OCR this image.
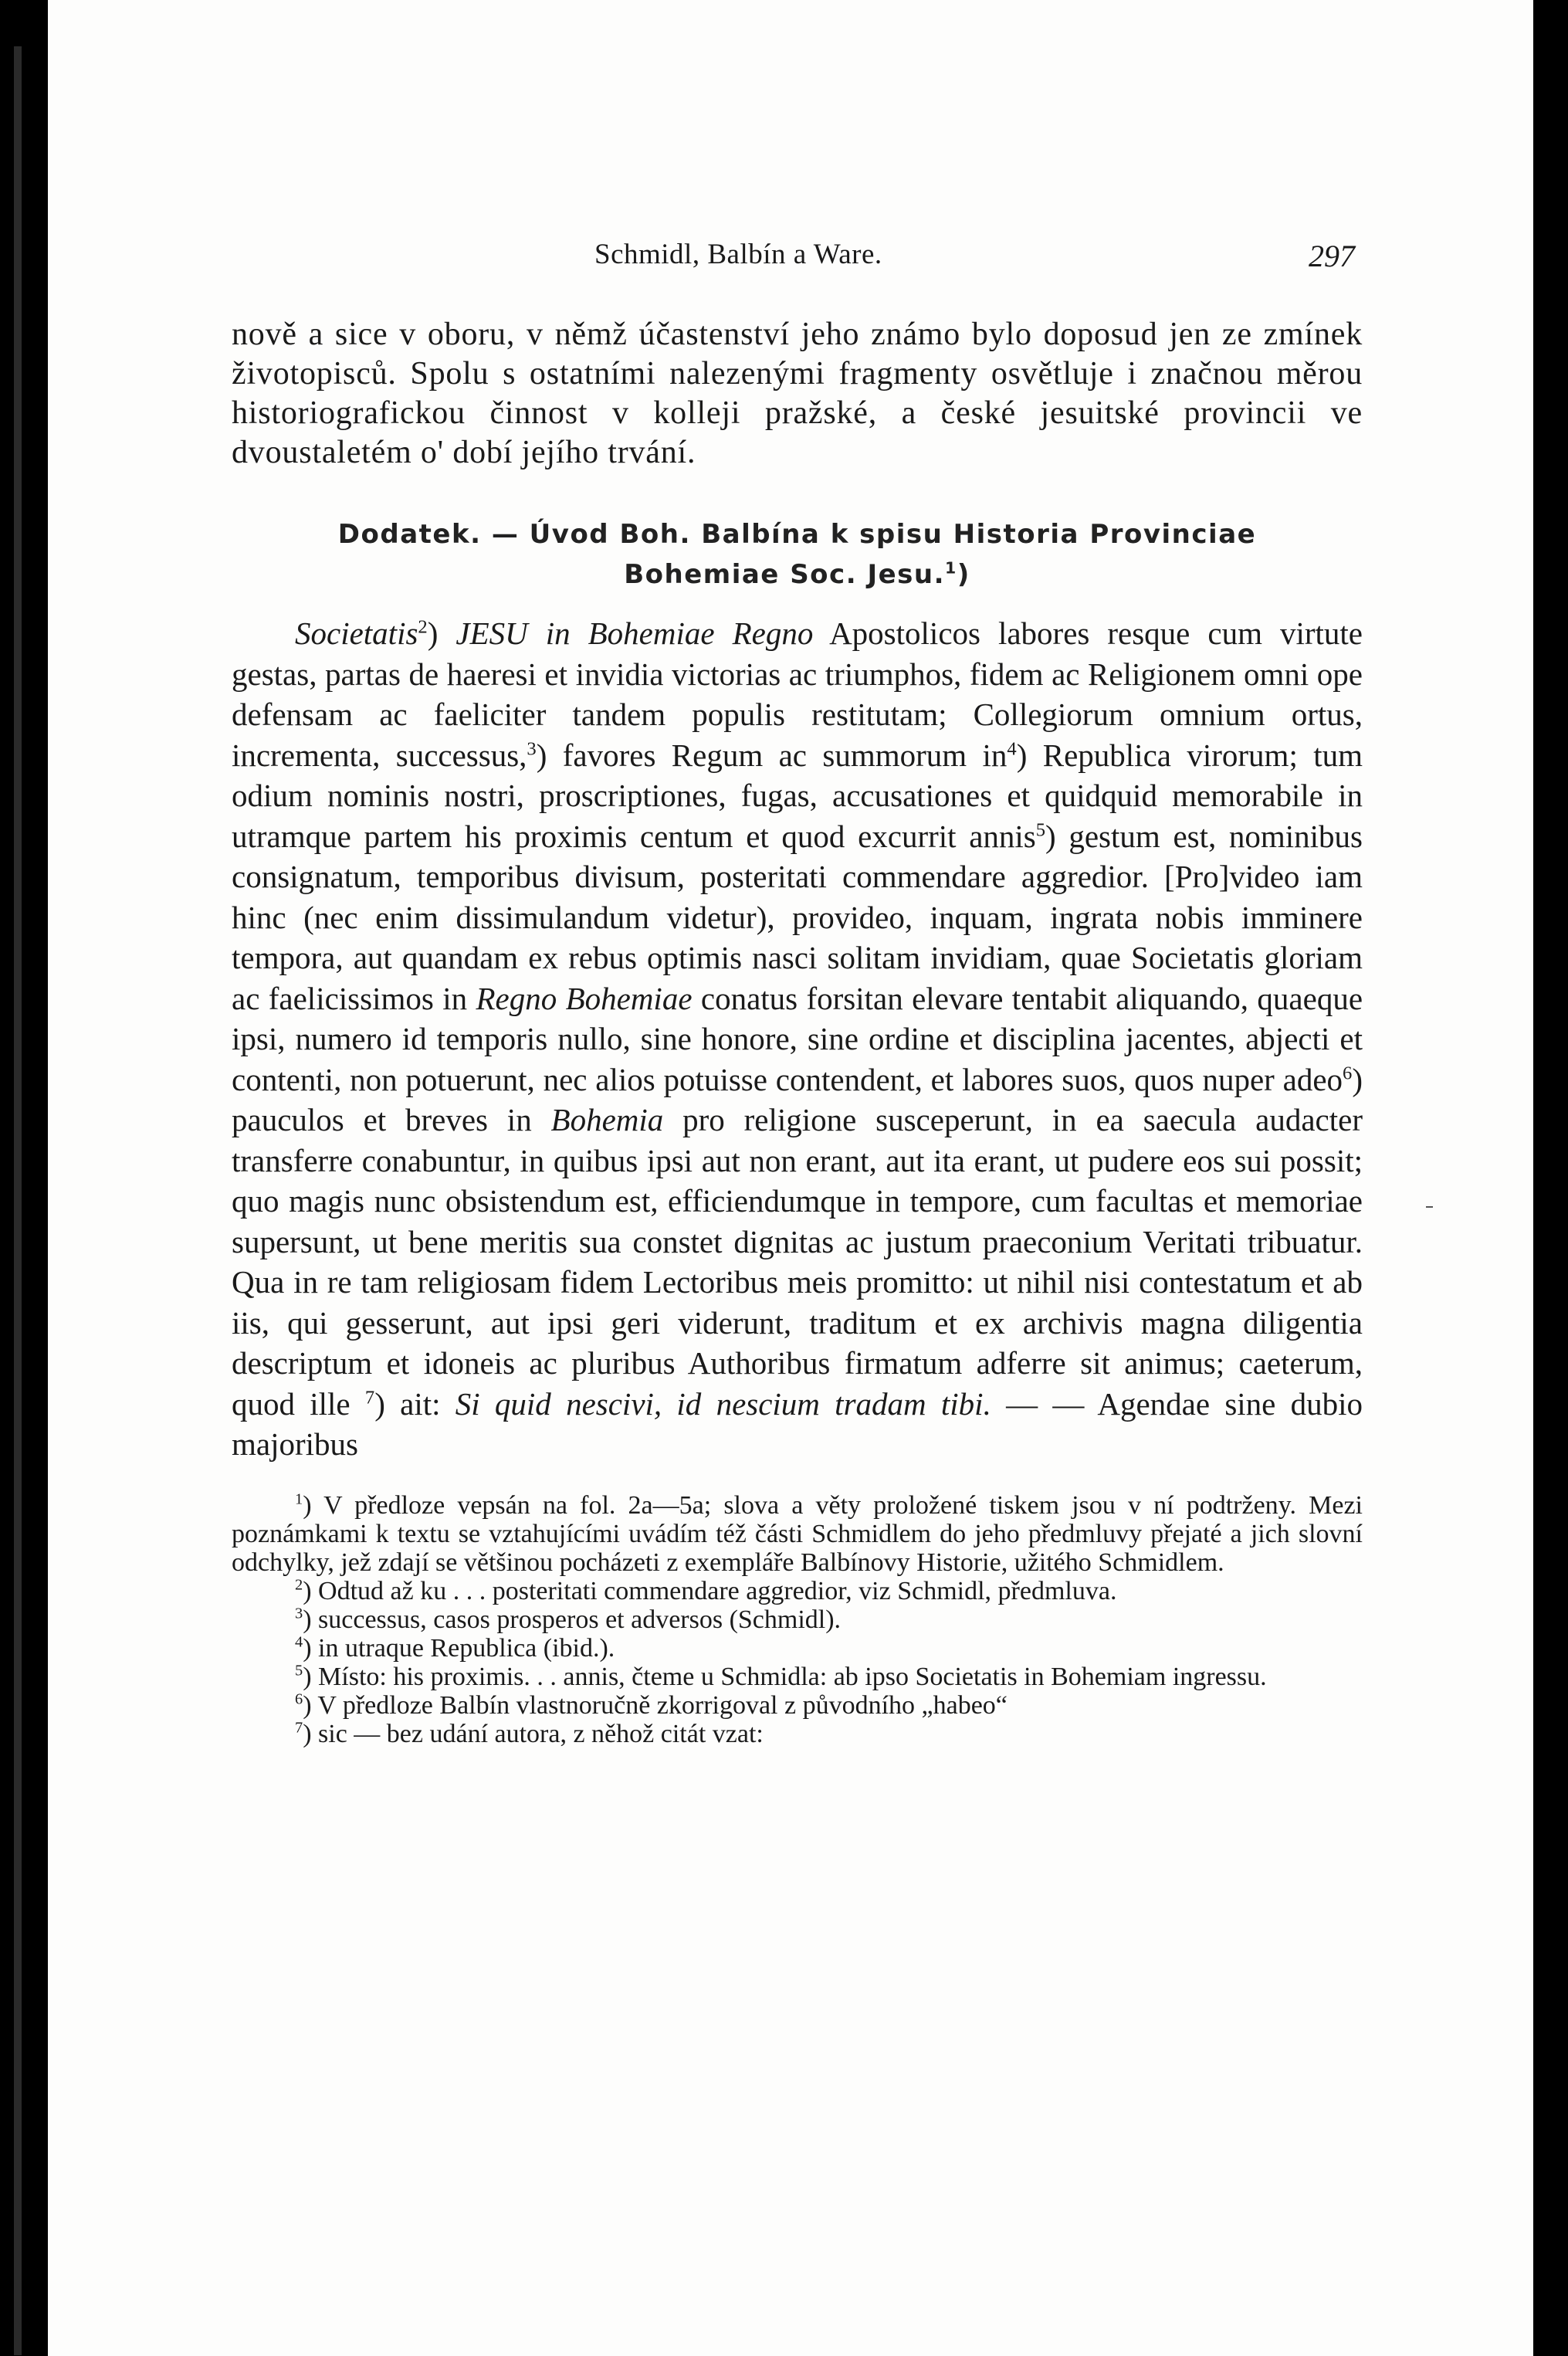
Schmidl, Balbín a Ware.	297
nově a sice v oboru, v němž účastenství jeho známo bylo doposud jen ze zmínek životopisců. Spolu s ostatními nalezenými fragmenty osvětluje i značnou měrou historiografickou činnost v kolleji pražské, a české jesuitské provincii ve dvoustaletém o' dobí jejího trvání.
Dodatek. — Úvod Boh. Balbína k spisu Historia Provinciae
Bohemiae Soc. Jesu.$^1$)
Societatis$^2$) JESU in Bohemiae Regno Apostolicos labores resque cum virtute gestas, partas de haeresi et invidia victorias ac triumphos, fidem ac Religionem omni ope defensam ac faeliciter tandem populis restitutam; Collegiorum omnium ortus, incrementa, successus,$^3$) favores Regum ac summorum $in^4$) Republica virorum; tum odium nominis nostri, proscriptiones, fugas, accusationes et quidquid memorabile in utramque partem his proximis centum et quod excurrit annis$^5$) gestum est, nominibus consignatum, temporibus divisum, posteritati commendare aggredior. [Pro]video iam hinc (nec enim dissimulandum videtur), provideo, inquam, ingrata nobis imminere tempora, aut quandam ex rebus optimis nasci solitam invidiam, quae Societatis gloriam ac faelicissimos in Regno Bohemiae conatus forsitan elevare tentabit aliquando, quaeque ipsi, numero id temporis nullo, sine honore, sine ordine et disciplina jacentes, abjecti et contenti, non potuerunt, nec alios potuisse contendent, et labores suos, quos nuper adeo$^6$) pauculos et breves in Bohemia pro religione susceperunt, in ea saecula audacter transferre conabuntur, in quibus ipsi aut non erant, aut ita erant, ut pudere eos sui possit; quo magis nunc obsistendum est, efficiendumque in tempore, cum facultas et memoriae supersunt, ut bene meritis sua constet dignitas ac justum praeconium Veritati tribuatur. Qua in re tam religiosam fidem Lectoribus meis promitto: ut nihil nisi contestatum et ab iis, qui gesserunt, aut ipsi geri viderunt, traditum et ex archivis magna diligentia descriptum et idoneis ac pluribus Authoribus firmatum adferre sit animus; caeterum, quod ille $^7$) ait: Si quid nescivi, id nescium tradam tibi. — — Agendae sine dubio majoribus

$^1$) V předloze vepsán na fol. 2a—5a; slova a věty proložené tiskem jsou v ní podtrženy. Mezi poznámkami k textu se vztahujícími uvádím též části Schmidlem do jeho předmluvy přejaté a jich slovní odchylky, jež zdají se většinou pocházeti z exempláře Balbínovy Historie, užitého Schmidlem.

$^2$) Odtud až ku . . . posteritati commendare aggredior, viz Schmidl, předmluva.

$^3$) successus, casos prosperos et adversos (Schmidl).

$^4$) in utraque Republica (ibid.).

$^5$) Místo: his proximis. . . annis, čteme u Schmidla: ab ipso Societatis in Bohemiam ingressu.

$^6$) V předloze Balbín vlastnoručně zkorrigoval z původního „habeo“

$^7$) sic — bez udání autora, z něhož citát vzat:
